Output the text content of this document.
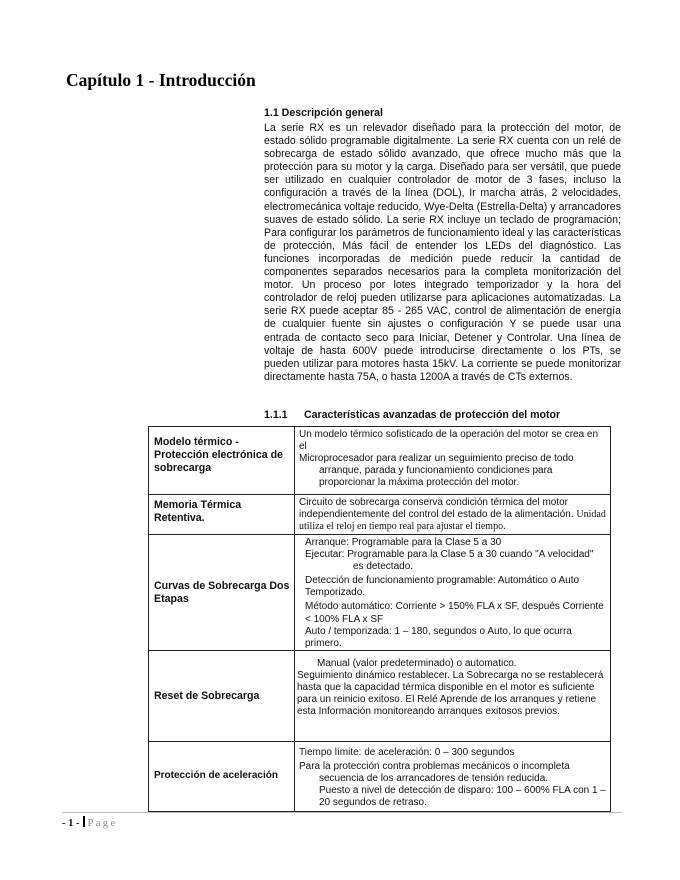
Capítulo 1 - Introducción
1.1 Descripción general

La serie RX es un relevador diseñado para la protección del motor, de estado sólido programable digitalmente. La serie RX cuenta con un relé de sobrecarga de estado sólido avanzado, que ofrece mucho más que la protección para su motor y la carga. Diseñado para ser versátil, que puede ser utilizado en cualquier controlador de motor de 3 fases, incluso la configuración a través de la línea (DOL), Ir marcha atrás, 2 velocidades, electromecánica voltaje reducido, Wye-Delta (Estrella-Delta) y arrancadores suaves de estado sólido. La serie RX incluye un teclado de programación; Para configurar los parámetros de funcionamiento ideal y las características de protección, Más fácil de entender los LEDs del diagnóstico. Las funciones incorporadas de medición puede reducir la cantidad de componentes separados necesarios para la completa monitorización del motor. Un proceso por lotes integrado temporizador y la hora del controlador de reloj pueden utilizarse para aplicaciones automatizadas. La serie RX puede aceptar 85 - 265 VAC, control de alimentación de energía de cualquier fuente sin ajustes o configuración Y se puede usar una entrada de contacto seco para Iniciar, Detener y Controlar. Una línea de voltaje de hasta 600V puede introducirse directamente o los PTs, se pueden utilizar para motores hasta 15kV. La corriente se puede monitorizar directamente hasta 75A, o hasta 1200A a través de CTs externos.

1.1.1 Características avanzadas de protección del motor
Modelo térmico - Protección electrónica de sobrecarga	Un modelo térmico sofisticado de la operación del motor se crea en el
Microprocesador para realizar un seguimiento preciso de todo arranque, parada y funcionamiento condiciones para proporcionar la máxima protección del motor.

Memoria Térmica Retentiva.	Circuito de sobrecarga conserva condición térmica del motor independientemente del control del estado de la alimentación. Unidad utiliza el reloj en tiempo real para ajustar el tiempo.
Curvas de Sobrecarga Dos Etapas	Arranque: Programable para la Clase 5 a 30
Ejecutar: Programable para la Clase 5 a 30 cuando "A velocidad" es detectado.
Detección de funcionamiento programable: Automático o Auto Temporizado.
Método automático: Corriente > 150% FLA x SF, después Corriente < 100% FLA x SF
Auto / temporizada: 1 – 180, segundos o Auto, lo que ocurra primero.

Reset de Sobrecarga	Manual (valor predeterminado) o automatico.
Seguimiento dinámico restablecer. La Sobrecarga no se restablecerá hasta que la capacidad térmica disponible en el motor es suficiente para un reinicio exitoso. El Relé Aprende de los arranques y retiene esta Información monitoreando arranques exitosos previos.

Protección de aceleración	Tiempo límite: de aceleración: 0 – 300 segundos
Para la protección contra problemas mecánicos o incompleta secuencia de los arrancadores de tensión reducida.
Puesto a nivel de detección de disparo: 100 – 600% FLA con 1 – 20 segundos de retraso.
- 1 - Page
